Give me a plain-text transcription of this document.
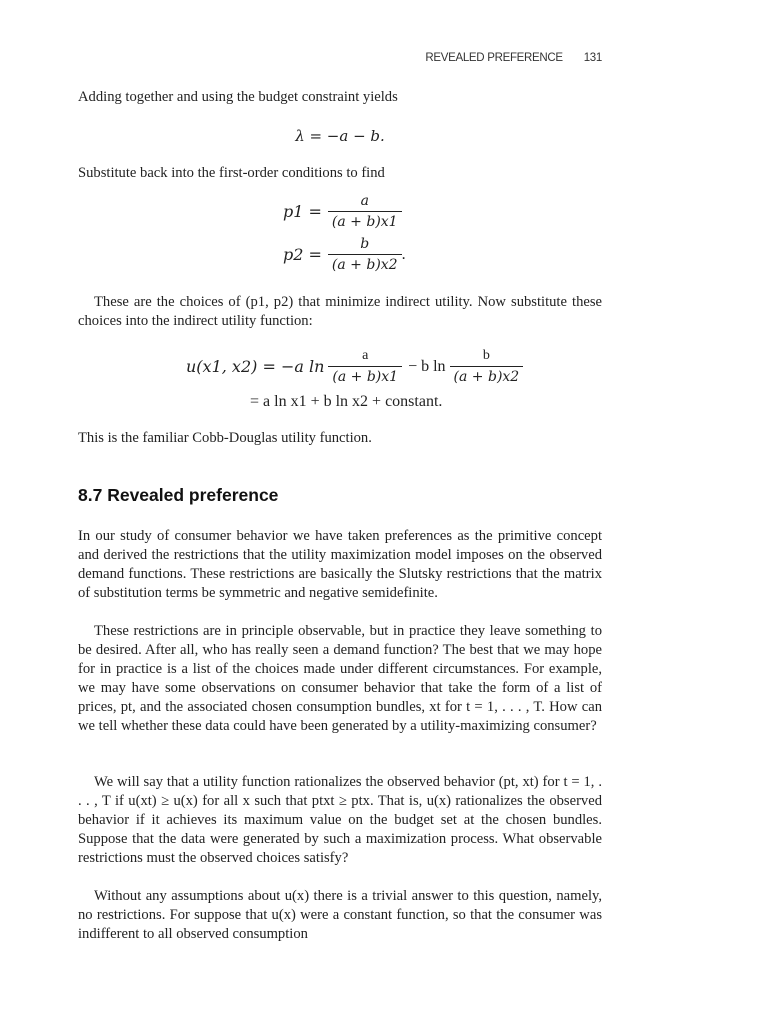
REVEALED PREFERENCE 131
Adding together and using the budget constraint yields
λ = −a − b.
Substitute back into the first-order conditions to find
$p1 = \frac{a}{(a + b)x1}$
$p2 = \frac{b}{(a + b)x2}$ .
These are the choices of (p1, p2) that minimize indirect utility. Now substitute these choices into the indirect utility function:
u(x1, x2) = −a $\ln \frac{a}{(a + b)x1} - b$ $\ln \frac{b}{(a + b)x2}$
= a ln x1 + b ln x2 + constant.
This is the familiar Cobb-Douglas utility function.
8.7 Revealed preference
In our study of consumer behavior we have taken preferences as the primitive concept and derived the restrictions that the utility maximization model imposes on the observed demand functions. These restrictions are basically the Slutsky restrictions that the matrix of substitution terms be symmetric and negative semidefinite.
These restrictions are in principle observable, but in practice they leave something to be desired. After all, who has really seen a demand function? The best that we may hope for in practice is a list of the choices made under different circumstances. For example, we may have some observations on consumer behavior that take the form of a list of prices, pt, and the associated chosen consumption bundles, xt for t = 1, . . . , T. How can we tell whether these data could have been generated by a utility-maximizing consumer?
We will say that a utility function rationalizes the observed behavior (pt, xt) for t = 1, . . . , T if u(xt) ≥ u(x) for all x such that ptxt ≥ ptx. That is, u(x) rationalizes the observed behavior if it achieves its maximum value on the budget set at the chosen bundles. Suppose that the data were generated by such a maximization process. What observable restrictions must the observed choices satisfy?
Without any assumptions about u(x) there is a trivial answer to this question, namely, no restrictions. For suppose that u(x) were a constant function, so that the consumer was indifferent to all observed consumption
